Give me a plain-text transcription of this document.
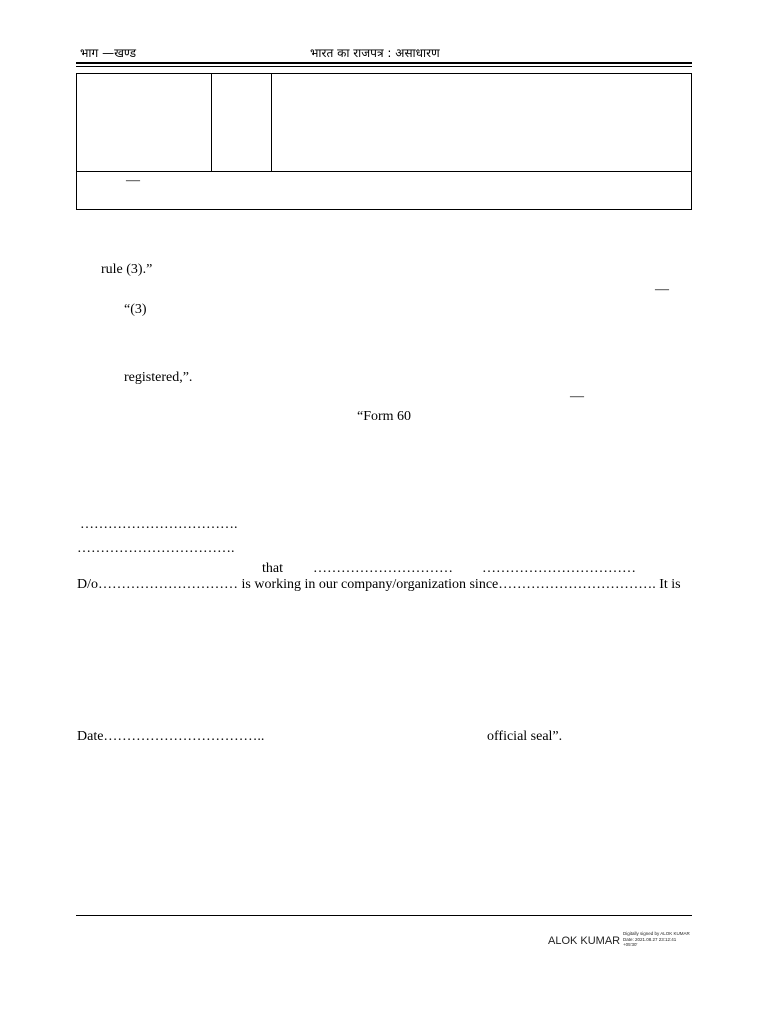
भाग —खण्ड	भारत का राजपत्र : असाधारण
—
rule (3).”
—
“(3)
registered,”.
—
“Form 60
…………………………….
…………………………….
that ………………………… ……………………………
D/o………………………… is working in our company/organization since……………………………. It is
Date……………………………..	official seal”.
ALOK KUMAR
Digitally signed by ALOK KUMAR
Date: 2021.08.27 23:12:41
+05'30'
